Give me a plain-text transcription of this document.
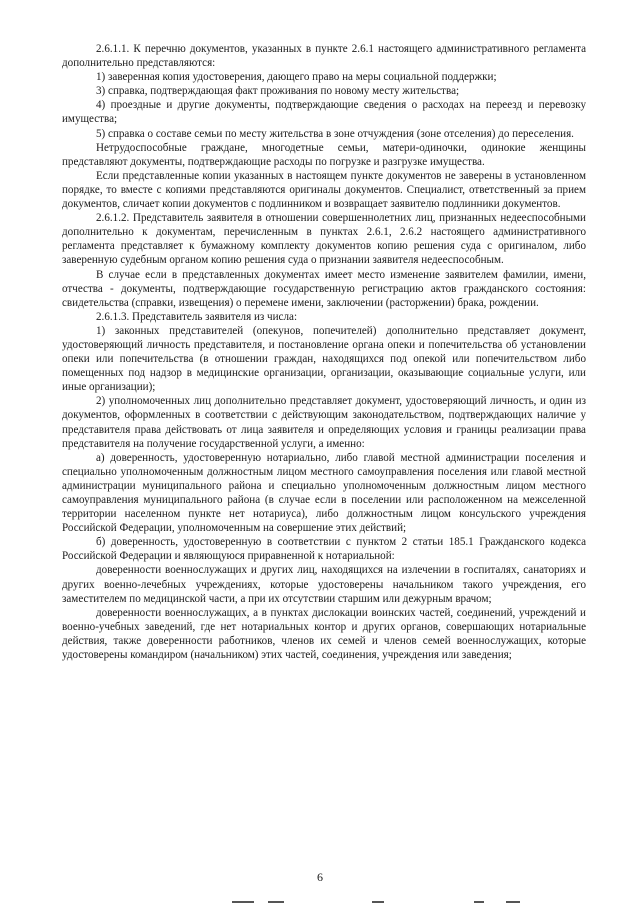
2.6.1.1. К перечню документов, указанных в пункте 2.6.1 настоящего административного регламента дополнительно представляются:

1) заверенная копия удостоверения, дающего право на меры социальной поддержки;

3) справка, подтверждающая факт проживания по новому месту жительства;

4) проездные и другие документы, подтверждающие сведения о расходах на переезд и перевозку имущества;

5) справка о составе семьи по месту жительства в зоне отчуждения (зоне отселения) до переселения.

Нетрудоспособные граждане, многодетные семьи, матери-одиночки, одинокие женщины представляют документы, подтверждающие расходы по погрузке и разгрузке имущества.

Если представленные копии указанных в настоящем пункте документов не заверены в установленном порядке, то вместе с копиями представляются оригиналы документов. Специалист, ответственный за прием документов, сличает копии документов с подлинником и возвращает заявителю подлинники документов.

2.6.1.2. Представитель заявителя в отношении совершеннолетних лиц, признанных недееспособными дополнительно к документам, перечисленным в пунктах 2.6.1, 2.6.2 настоящего административного регламента представляет к бумажному комплекту документов копию решения суда с оригиналом, либо заверенную судебным органом копию решения суда о признании заявителя недееспособным.

В случае если в представленных документах имеет место изменение заявителем фамилии, имени, отчества - документы, подтверждающие государственную регистрацию актов гражданского состояния: свидетельства (справки, извещения) о перемене имени, заключении (расторжении) брака, рождении.

2.6.1.3. Представитель заявителя из числа:

1) законных представителей (опекунов, попечителей) дополнительно представляет документ, удостоверяющий личность представителя, и постановление органа опеки и попечительства об установлении опеки или попечительства (в отношении граждан, находящихся под опекой или попечительством либо помещенных под надзор в медицинские организации, организации, оказывающие социальные услуги, или иные организации);

2) уполномоченных лиц дополнительно представляет документ, удостоверяющий личность, и один из документов, оформленных в соответствии с действующим законодательством, подтверждающих наличие у представителя права действовать от лица заявителя и определяющих условия и границы реализации права представителя на получение государственной услуги, а именно:

а) доверенность, удостоверенную нотариально, либо главой местной администрации поселения и специально уполномоченным должностным лицом местного самоуправления поселения или главой местной администрации муниципального района и специально уполномоченным должностным лицом местного самоуправления муниципального района (в случае если в поселении или расположенном на межселенной территории населенном пункте нет нотариуса), либо должностным лицом консульского учреждения Российской Федерации, уполномоченным на совершение этих действий;

б) доверенность, удостоверенную в соответствии с пунктом 2 статьи 185.1 Гражданского кодекса Российской Федерации и являющуюся приравненной к нотариальной:

доверенности военнослужащих и других лиц, находящихся на излечении в госпиталях, санаториях и других военно-лечебных учреждениях, которые удостоверены начальником такого учреждения, его заместителем по медицинской части, а при их отсутствии старшим или дежурным врачом;

доверенности военнослужащих, а в пунктах дислокации воинских частей, соединений, учреждений и военно-учебных заведений, где нет нотариальных контор и других органов, совершающих нотариальные действия, также доверенности работников, членов их семей и членов семей военнослужащих, которые удостоверены командиром (начальником) этих частей, соединения, учреждения или заведения;

6
